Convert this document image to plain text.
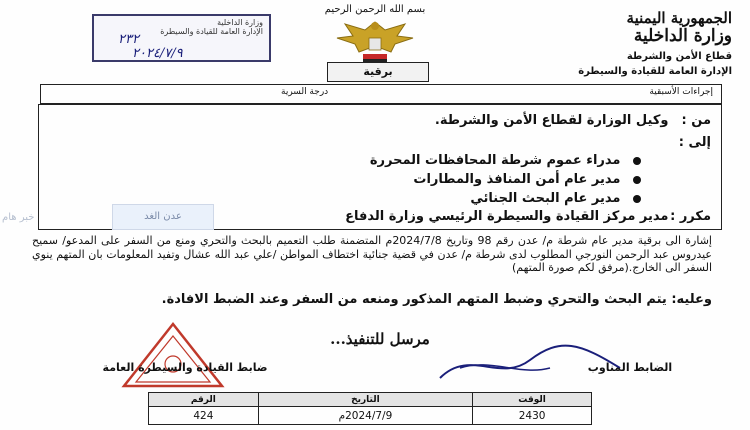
الجمهورية اليمنية
وزارة الداخلية
قطاع الأمن والشرطة
الإدارة العامة للقيادة والسيطرة
بسم الله الرحمن الرحيم
وزارة الداخلية
الإدارة العامة للقيادة والسيطرة
٢٣٢
٢٠٢٤/٧/٩
برقية
إجراءات الأسبقية
درجة السرية
من : وكيل الوزارة لقطاع الأمن والشرطة.
إلى :
مدراء عموم شرطة المحافظات المحررة
مدير عام أمن المنافذ والمطارات
مدير عام البحث الجنائي
مكرر : مدير مركز القيادة والسيطرة الرئيسي وزارة الدفاع
عدن الغد
خبر هام
إشارة الى برقية مدير عام شرطة م/ عدن رقم 98 وتاريخ 2024/7/8م المتضمنة طلب التعميم بالبحث والتحري ومنع من السفر على المدعو/ سميح عيدروس عبد الرحمن النورجي المطلوب لدى شرطة م/ عدن في قضية جنائية اختطاف المواطن /علي عبد الله عشال وتفيد المعلومات بان المتهم ينوي السفر الى الخارج.(مرفق لكم صورة المتهم)
وعليه: يتم البحث والتحري وضبط المتهم المذكور ومنعه من السفر وعند الضبط الافادة.
مرسل للتنفيذ...
ضابط القيادة والسيطرة العامة	الضابط المناوب
الوقت	التاريخ	الرقم
2430	2024/7/9م	424
